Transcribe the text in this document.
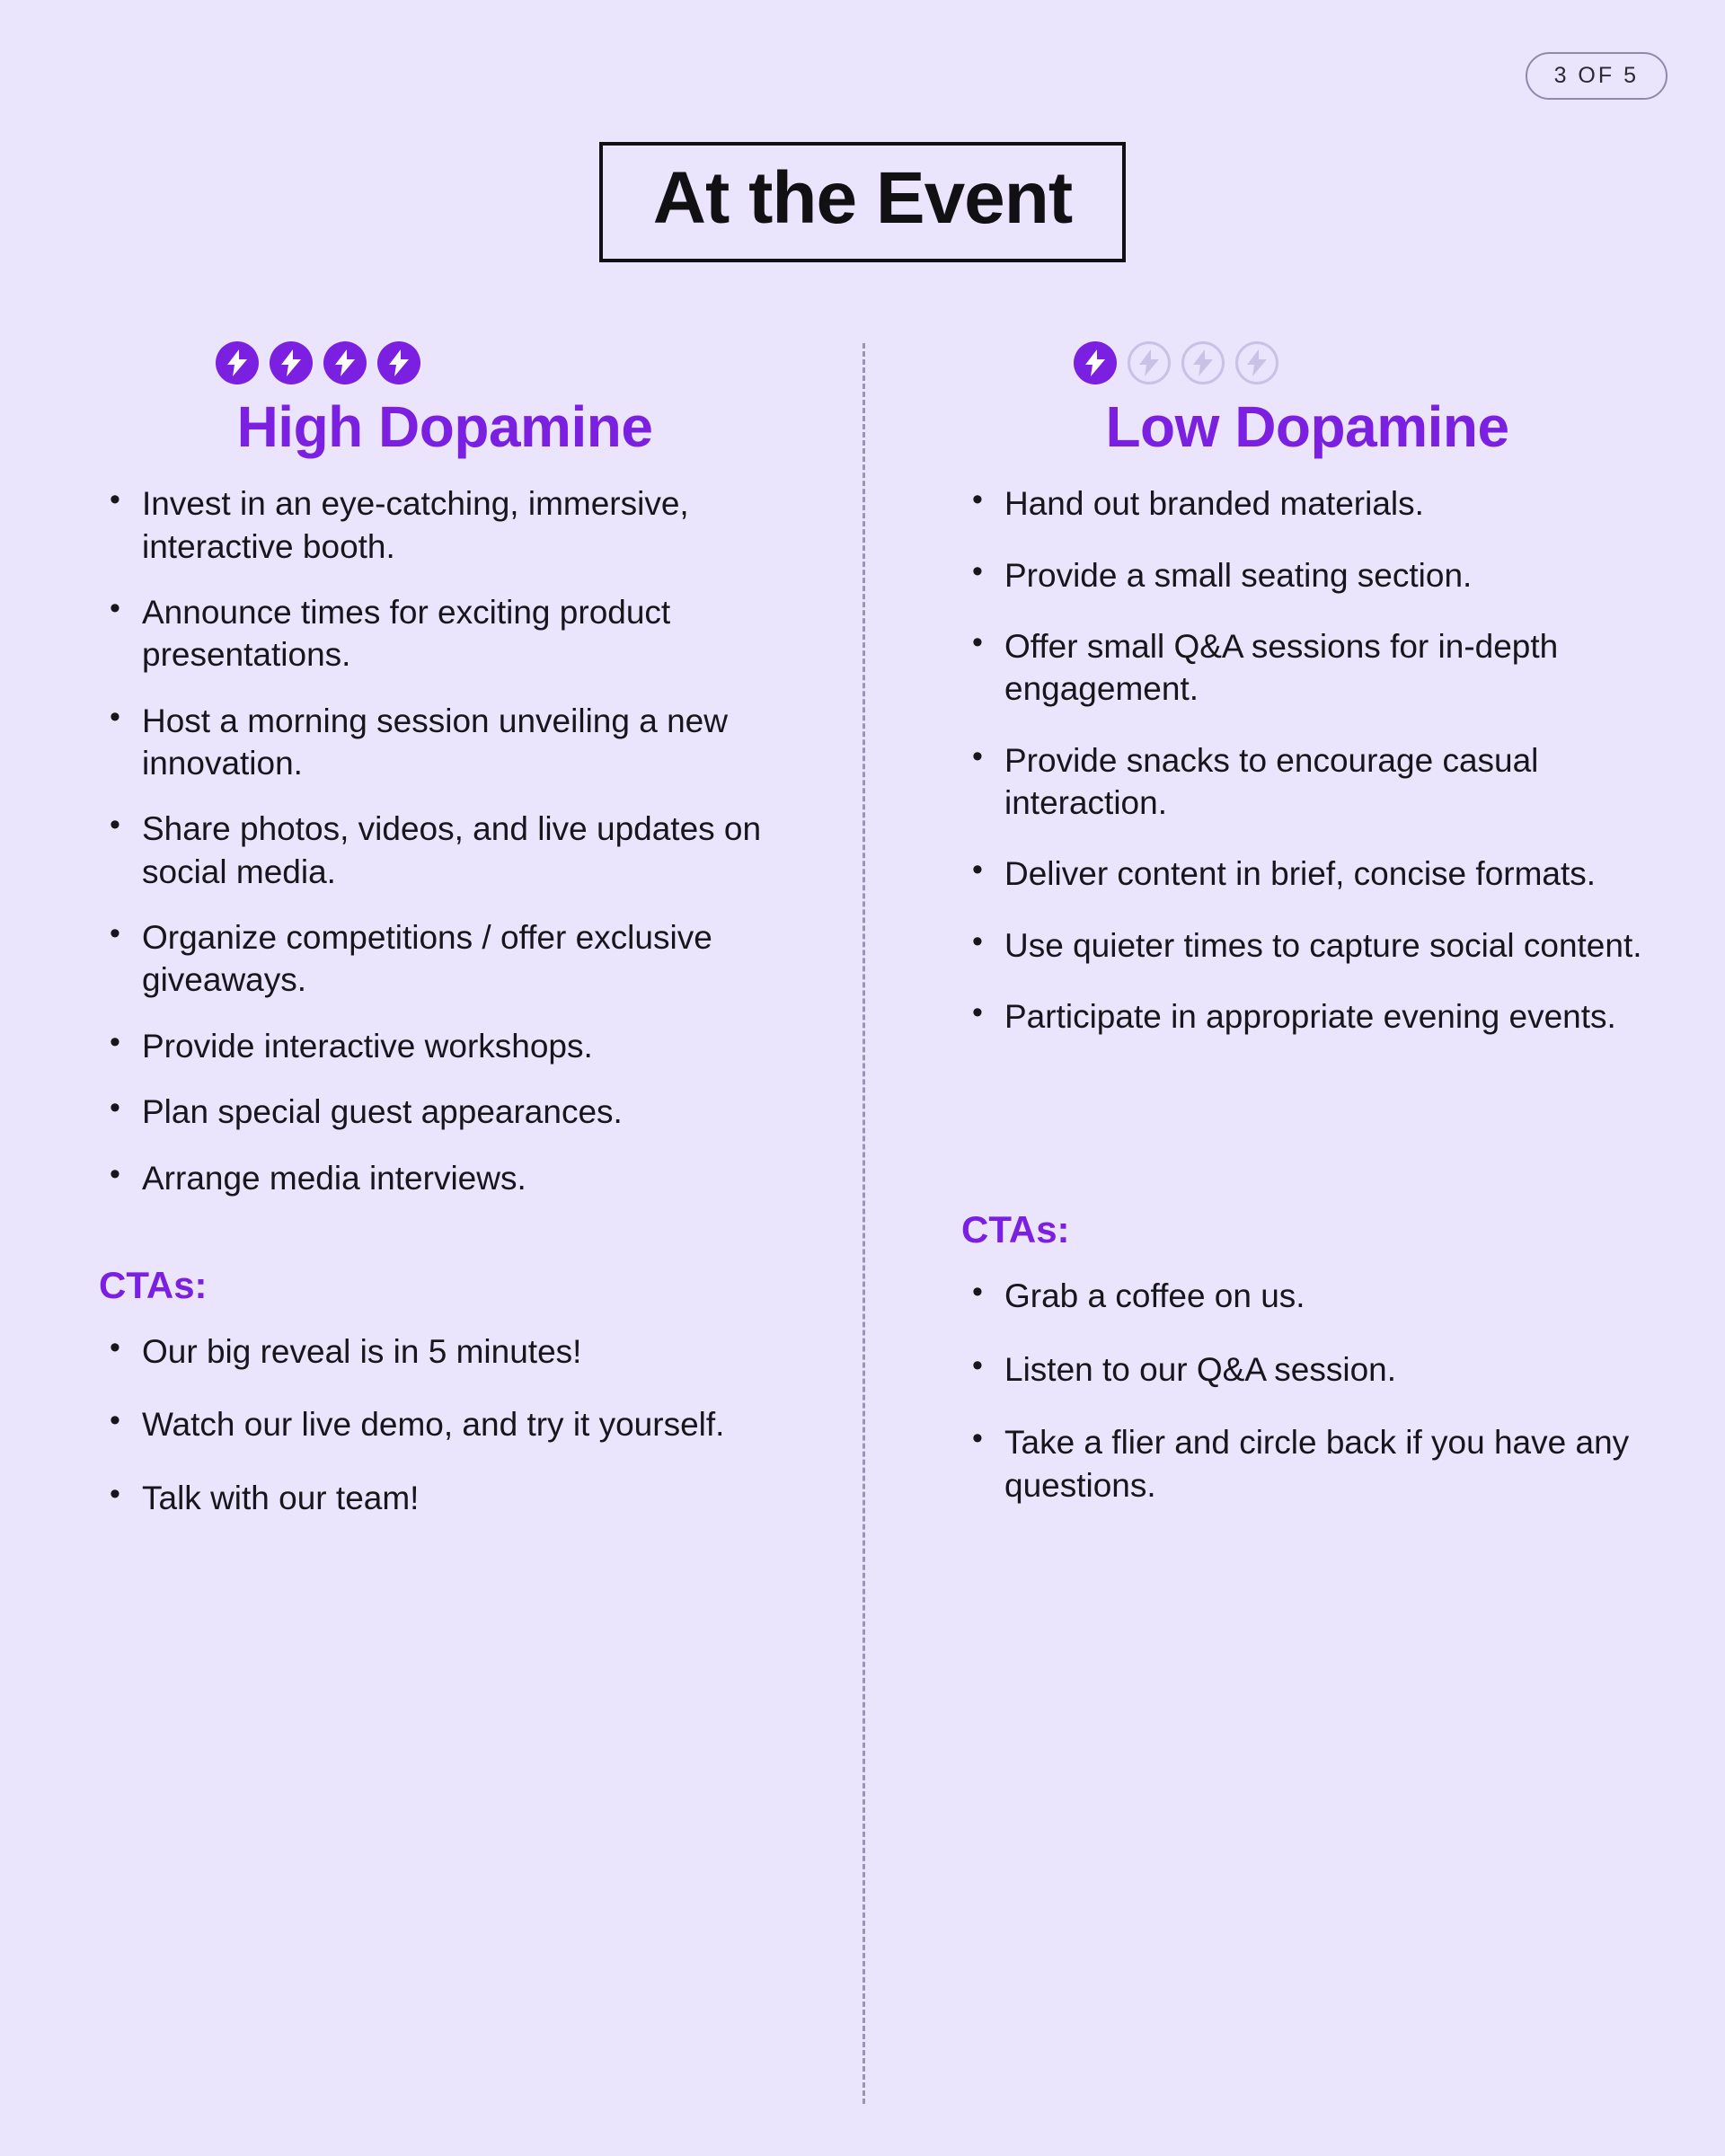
3 OF 5
At the Event
High Dopamine
• Invest in an eye-catching, immersive, interactive booth.
• Announce times for exciting product presentations.
• Host a morning session unveiling a new innovation.
• Share photos, videos, and live updates on social media.
• Organize competitions / offer exclusive giveaways.
• Provide interactive workshops.
• Plan special guest appearances.
• Arrange media interviews.
CTAs:
• Our big reveal is in 5 minutes!
• Watch our live demo, and try it yourself.
• Talk with our team!
Low Dopamine
• Hand out branded materials.
• Provide a small seating section.
• Offer small Q&A sessions for in-depth engagement.
• Provide snacks to encourage casual interaction.
• Deliver content in brief, concise formats.
• Use quieter times to capture social content.
• Participate in appropriate evening events.
CTAs:
• Grab a coffee on us.
• Listen to our Q&A session.
• Take a flier and circle back if you have any questions.
